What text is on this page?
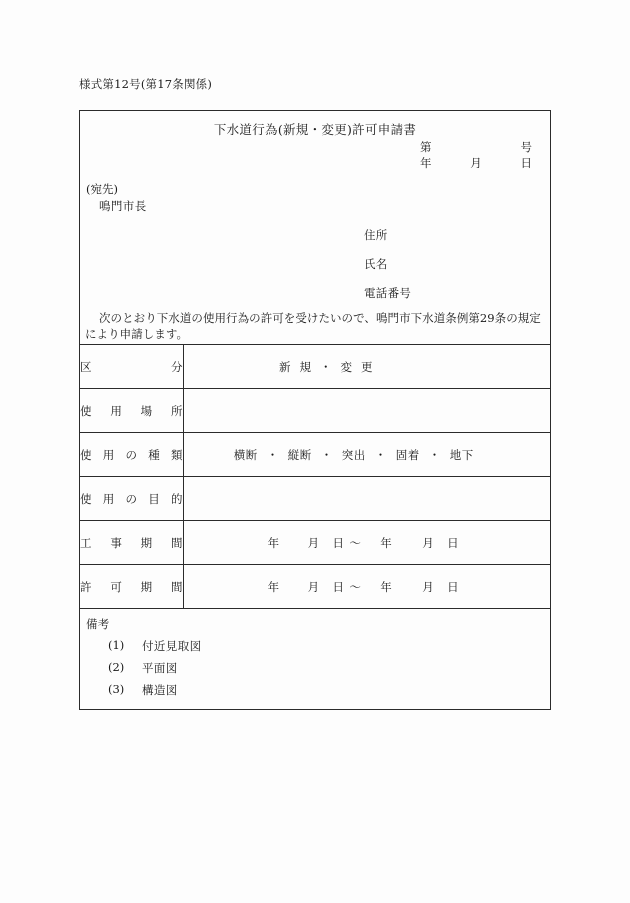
様式第12号(第17条関係)
下水道行為(新規・変更)許可申請書
第	号
年	月	日
(宛先)
鳴門市長
住所
氏名
電話番号
次のとおり下水道の使用行為の許可を受けたいので、鳴門市下水道条例第29条の規定により申請します。
区分	新規・変更
使用場所	
使用の種類	横断 ・ 縦断 ・ 突出 ・ 固着 ・ 地下
使用の目的	
工事期間	年 月 日 ～ 年 月 日
許可期間	年 月 日 ～ 年 月 日
備考
(1)	付近見取図
(2)	平面図
(3)	構造図
